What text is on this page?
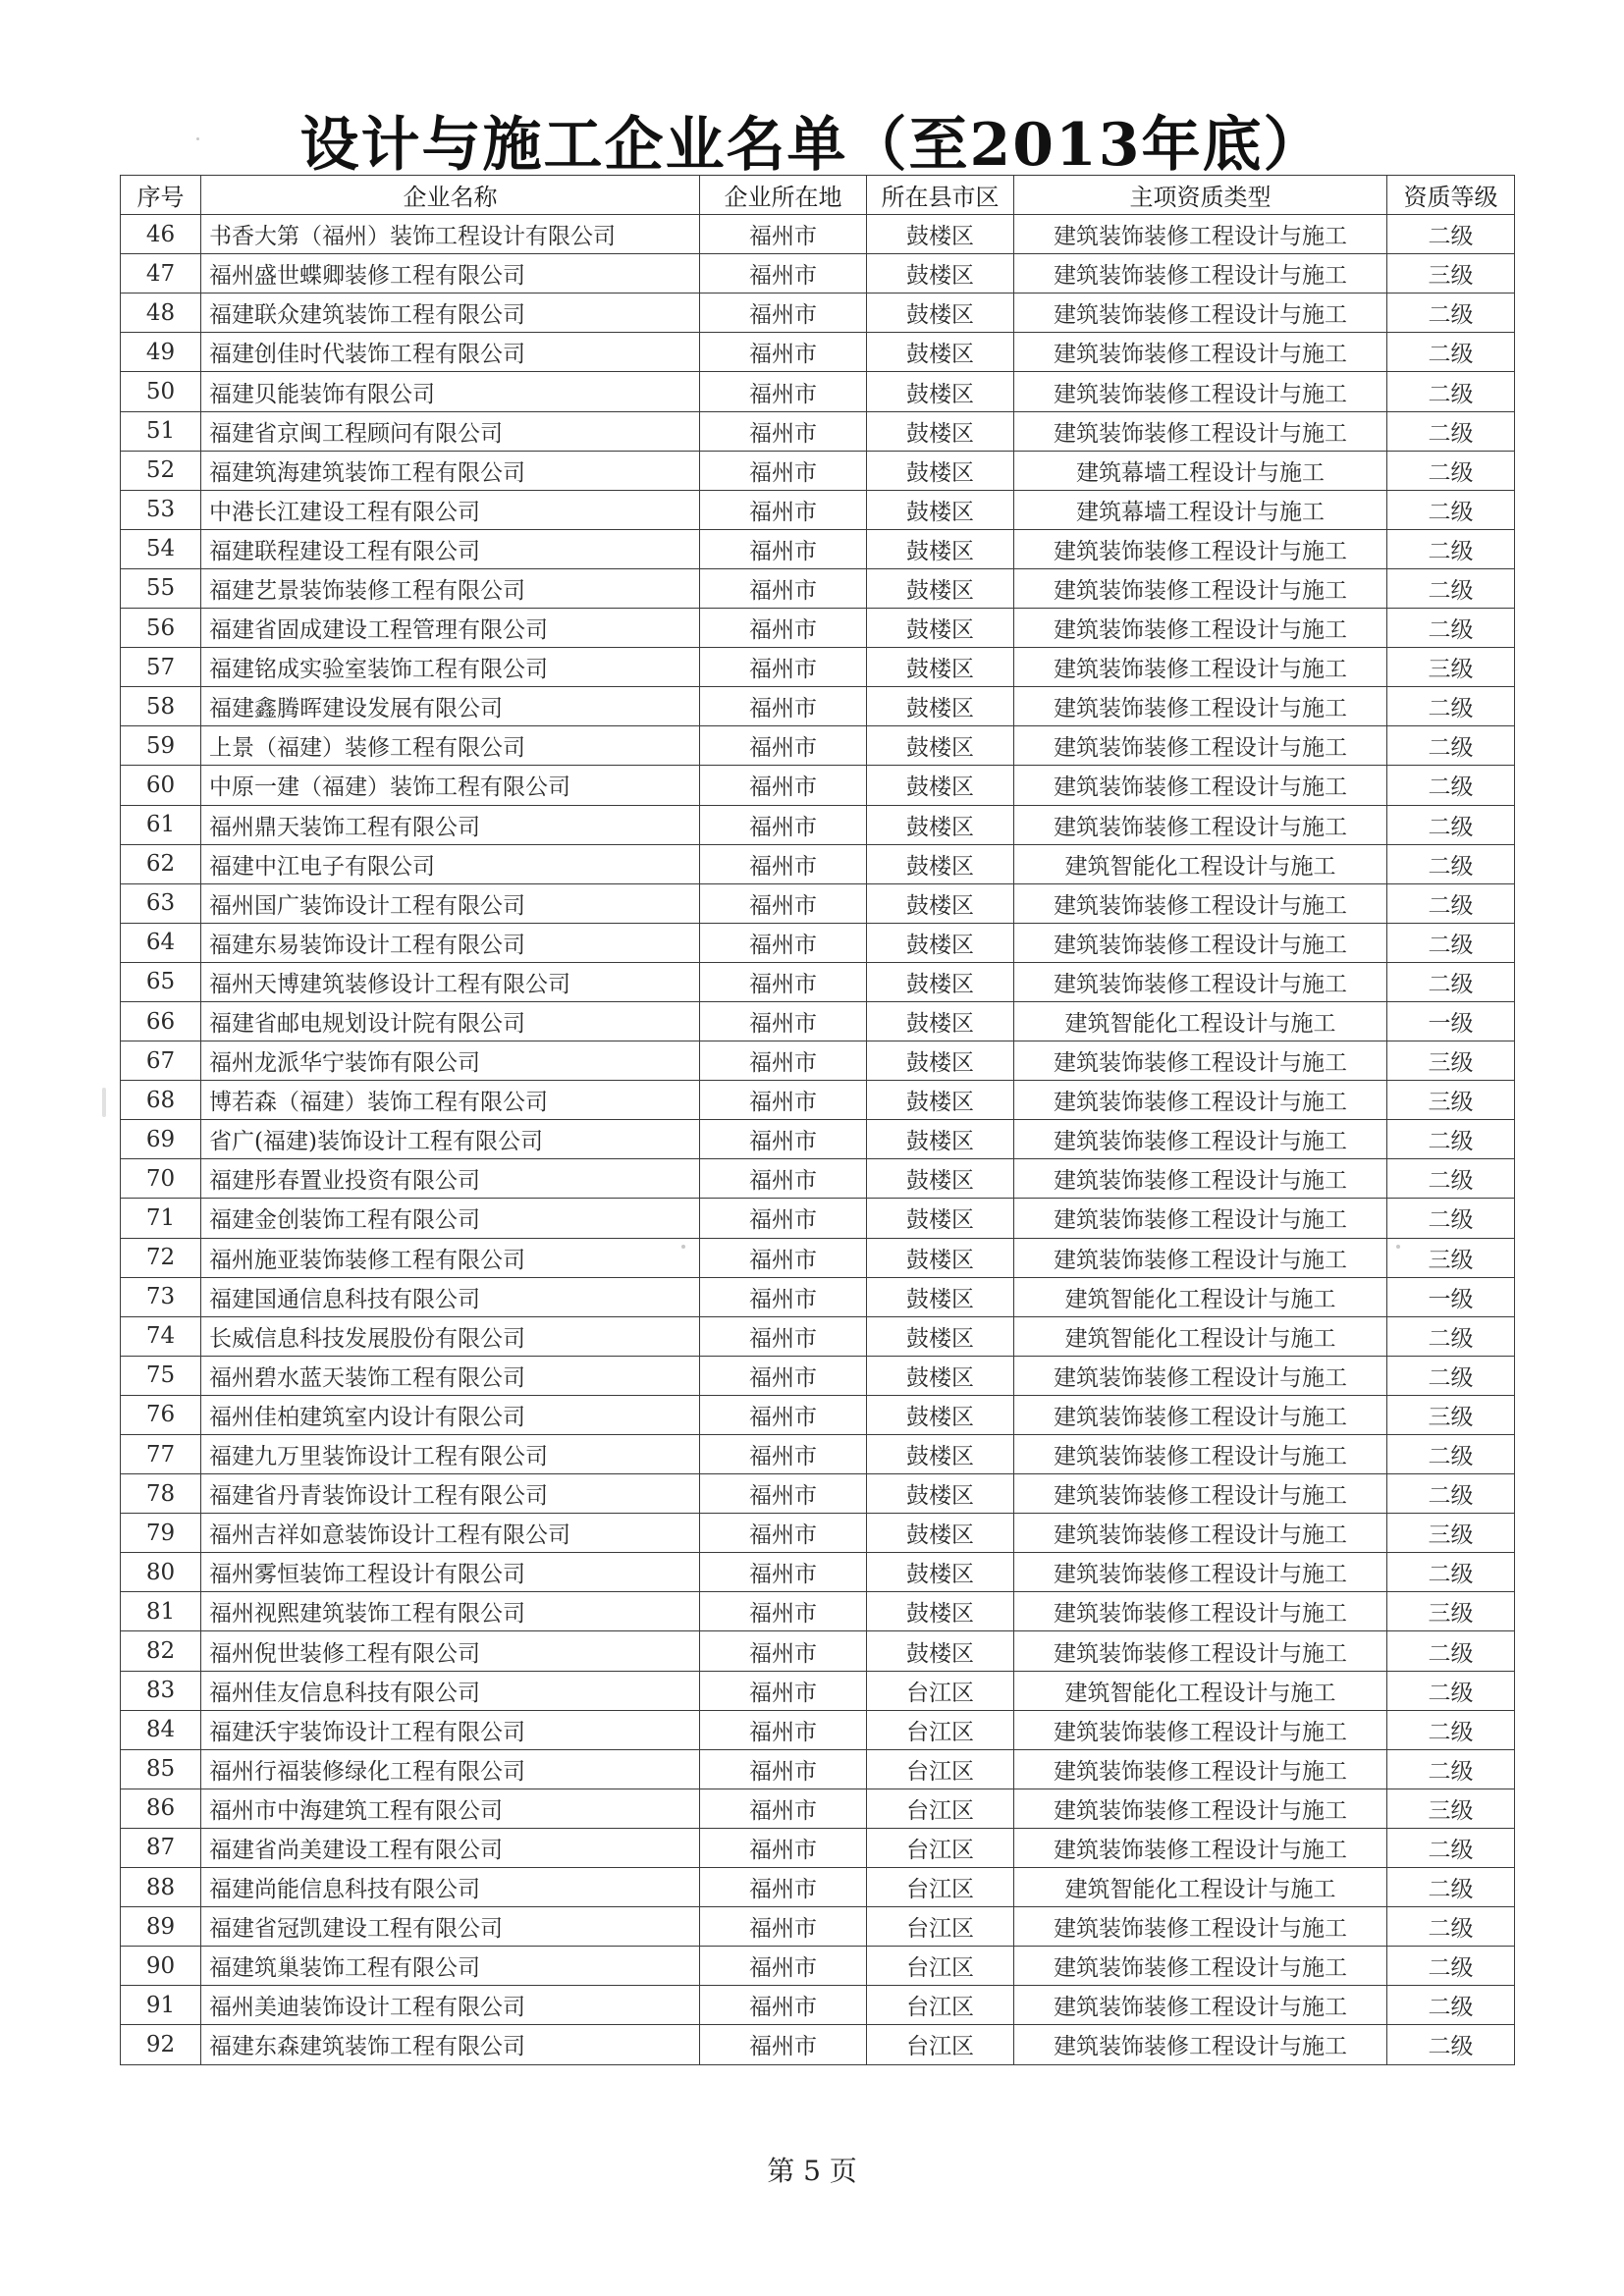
设计与施工企业名单（至2013年底）
序号	企业名称	企业所在地	所在县市区	主项资质类型	资质等级
46	书香大第（福州）装饰工程设计有限公司	福州市	鼓楼区	建筑装饰装修工程设计与施工	二级
47	福州盛世蝶卿装修工程有限公司	福州市	鼓楼区	建筑装饰装修工程设计与施工	三级
48	福建联众建筑装饰工程有限公司	福州市	鼓楼区	建筑装饰装修工程设计与施工	二级
49	福建创佳时代装饰工程有限公司	福州市	鼓楼区	建筑装饰装修工程设计与施工	二级
50	福建贝能装饰有限公司	福州市	鼓楼区	建筑装饰装修工程设计与施工	二级
51	福建省京闽工程顾问有限公司	福州市	鼓楼区	建筑装饰装修工程设计与施工	二级
52	福建筑海建筑装饰工程有限公司	福州市	鼓楼区	建筑幕墙工程设计与施工	二级
53	中港长江建设工程有限公司	福州市	鼓楼区	建筑幕墙工程设计与施工	二级
54	福建联程建设工程有限公司	福州市	鼓楼区	建筑装饰装修工程设计与施工	二级
55	福建艺景装饰装修工程有限公司	福州市	鼓楼区	建筑装饰装修工程设计与施工	二级
56	福建省固成建设工程管理有限公司	福州市	鼓楼区	建筑装饰装修工程设计与施工	二级
57	福建铭成实验室装饰工程有限公司	福州市	鼓楼区	建筑装饰装修工程设计与施工	三级
58	福建鑫腾晖建设发展有限公司	福州市	鼓楼区	建筑装饰装修工程设计与施工	二级
59	上景（福建）装修工程有限公司	福州市	鼓楼区	建筑装饰装修工程设计与施工	二级
60	中原一建（福建）装饰工程有限公司	福州市	鼓楼区	建筑装饰装修工程设计与施工	二级
61	福州鼎天装饰工程有限公司	福州市	鼓楼区	建筑装饰装修工程设计与施工	二级
62	福建中江电子有限公司	福州市	鼓楼区	建筑智能化工程设计与施工	二级
63	福州国广装饰设计工程有限公司	福州市	鼓楼区	建筑装饰装修工程设计与施工	二级
64	福建东易装饰设计工程有限公司	福州市	鼓楼区	建筑装饰装修工程设计与施工	二级
65	福州天博建筑装修设计工程有限公司	福州市	鼓楼区	建筑装饰装修工程设计与施工	二级
66	福建省邮电规划设计院有限公司	福州市	鼓楼区	建筑智能化工程设计与施工	一级
67	福州龙派华宁装饰有限公司	福州市	鼓楼区	建筑装饰装修工程设计与施工	三级
68	博若森（福建）装饰工程有限公司	福州市	鼓楼区	建筑装饰装修工程设计与施工	三级
69	省广(福建)装饰设计工程有限公司	福州市	鼓楼区	建筑装饰装修工程设计与施工	二级
70	福建彤春置业投资有限公司	福州市	鼓楼区	建筑装饰装修工程设计与施工	二级
71	福建金创装饰工程有限公司	福州市	鼓楼区	建筑装饰装修工程设计与施工	二级
72	福州施亚装饰装修工程有限公司	福州市	鼓楼区	建筑装饰装修工程设计与施工	三级
73	福建国通信息科技有限公司	福州市	鼓楼区	建筑智能化工程设计与施工	一级
74	长威信息科技发展股份有限公司	福州市	鼓楼区	建筑智能化工程设计与施工	二级
75	福州碧水蓝天装饰工程有限公司	福州市	鼓楼区	建筑装饰装修工程设计与施工	二级
76	福州佳柏建筑室内设计有限公司	福州市	鼓楼区	建筑装饰装修工程设计与施工	三级
77	福建九万里装饰设计工程有限公司	福州市	鼓楼区	建筑装饰装修工程设计与施工	二级
78	福建省丹青装饰设计工程有限公司	福州市	鼓楼区	建筑装饰装修工程设计与施工	二级
79	福州吉祥如意装饰设计工程有限公司	福州市	鼓楼区	建筑装饰装修工程设计与施工	三级
80	福州雾恒装饰工程设计有限公司	福州市	鼓楼区	建筑装饰装修工程设计与施工	二级
81	福州视熙建筑装饰工程有限公司	福州市	鼓楼区	建筑装饰装修工程设计与施工	三级
82	福州倪世装修工程有限公司	福州市	鼓楼区	建筑装饰装修工程设计与施工	二级
83	福州佳友信息科技有限公司	福州市	台江区	建筑智能化工程设计与施工	二级
84	福建沃宇装饰设计工程有限公司	福州市	台江区	建筑装饰装修工程设计与施工	二级
85	福州行福装修绿化工程有限公司	福州市	台江区	建筑装饰装修工程设计与施工	二级
86	福州市中海建筑工程有限公司	福州市	台江区	建筑装饰装修工程设计与施工	三级
87	福建省尚美建设工程有限公司	福州市	台江区	建筑装饰装修工程设计与施工	二级
88	福建尚能信息科技有限公司	福州市	台江区	建筑智能化工程设计与施工	二级
89	福建省冠凯建设工程有限公司	福州市	台江区	建筑装饰装修工程设计与施工	二级
90	福建筑巢装饰工程有限公司	福州市	台江区	建筑装饰装修工程设计与施工	二级
91	福州美迪装饰设计工程有限公司	福州市	台江区	建筑装饰装修工程设计与施工	二级
92	福建东森建筑装饰工程有限公司	福州市	台江区	建筑装饰装修工程设计与施工	二级
第 5 页
